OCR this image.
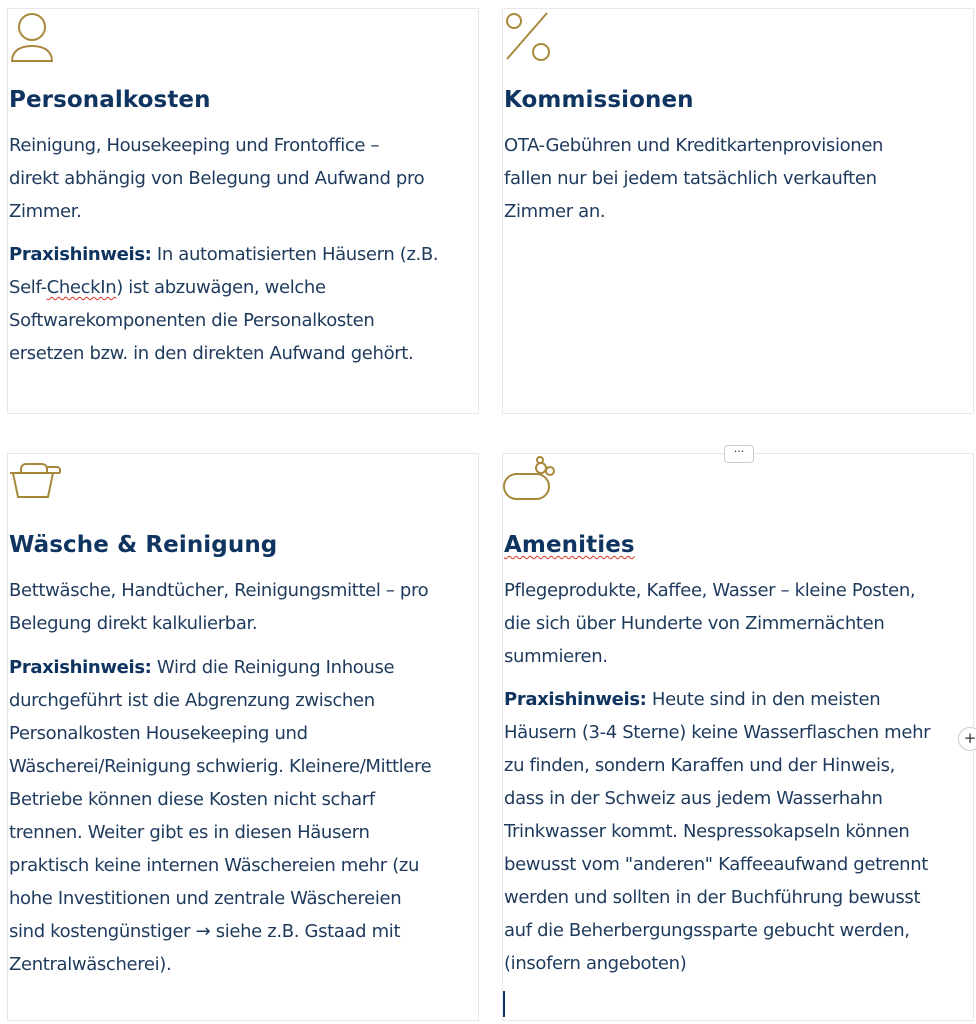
Personalkosten

Reinigung, Housekeeping und Frontoffice –
direkt abhängig von Belegung und Aufwand pro
Zimmer.

Praxishinweis: In automatisierten Häusern (z.B.
Self-CheckIn) ist abzuwägen, welche
Softwarekomponenten die Personalkosten
ersetzen bzw. in den direkten Aufwand gehört.

Kommissionen

OTA-Gebühren und Kreditkartenprovisionen
fallen nur bei jedem tatsächlich verkauften
Zimmer an.

Wäsche & Reinigung

Bettwäsche, Handtücher, Reinigungsmittel – pro
Belegung direkt kalkulierbar.

Praxishinweis: Wird die Reinigung Inhouse
durchgeführt ist die Abgrenzung zwischen
Personalkosten Housekeeping und
Wäscherei/Reinigung schwierig. Kleinere/Mittlere
Betriebe können diese Kosten nicht scharf
trennen. Weiter gibt es in diesen Häusern
praktisch keine internen Wäschereien mehr (zu
hohe Investitionen und zentrale Wäschereien
sind kostengünstiger → siehe z.B. Gstaad mit
Zentralwäscherei).

Amenities

Pflegeprodukte, Kaffee, Wasser – kleine Posten,
die sich über Hunderte von Zimmernächten
summieren.

Praxishinweis: Heute sind in den meisten
Häusern (3-4 Sterne) keine Wasserflaschen mehr
zu finden, sondern Karaffen und der Hinweis,
dass in der Schweiz aus jedem Wasserhahn
Trinkwasser kommt. Nespressokapseln können
bewusst vom "anderen" Kaffeeaufwand getrennt
werden und sollten in der Buchführung bewusst
auf die Beherbergungssparte gebucht werden,
(insofern angeboten)

···
+
